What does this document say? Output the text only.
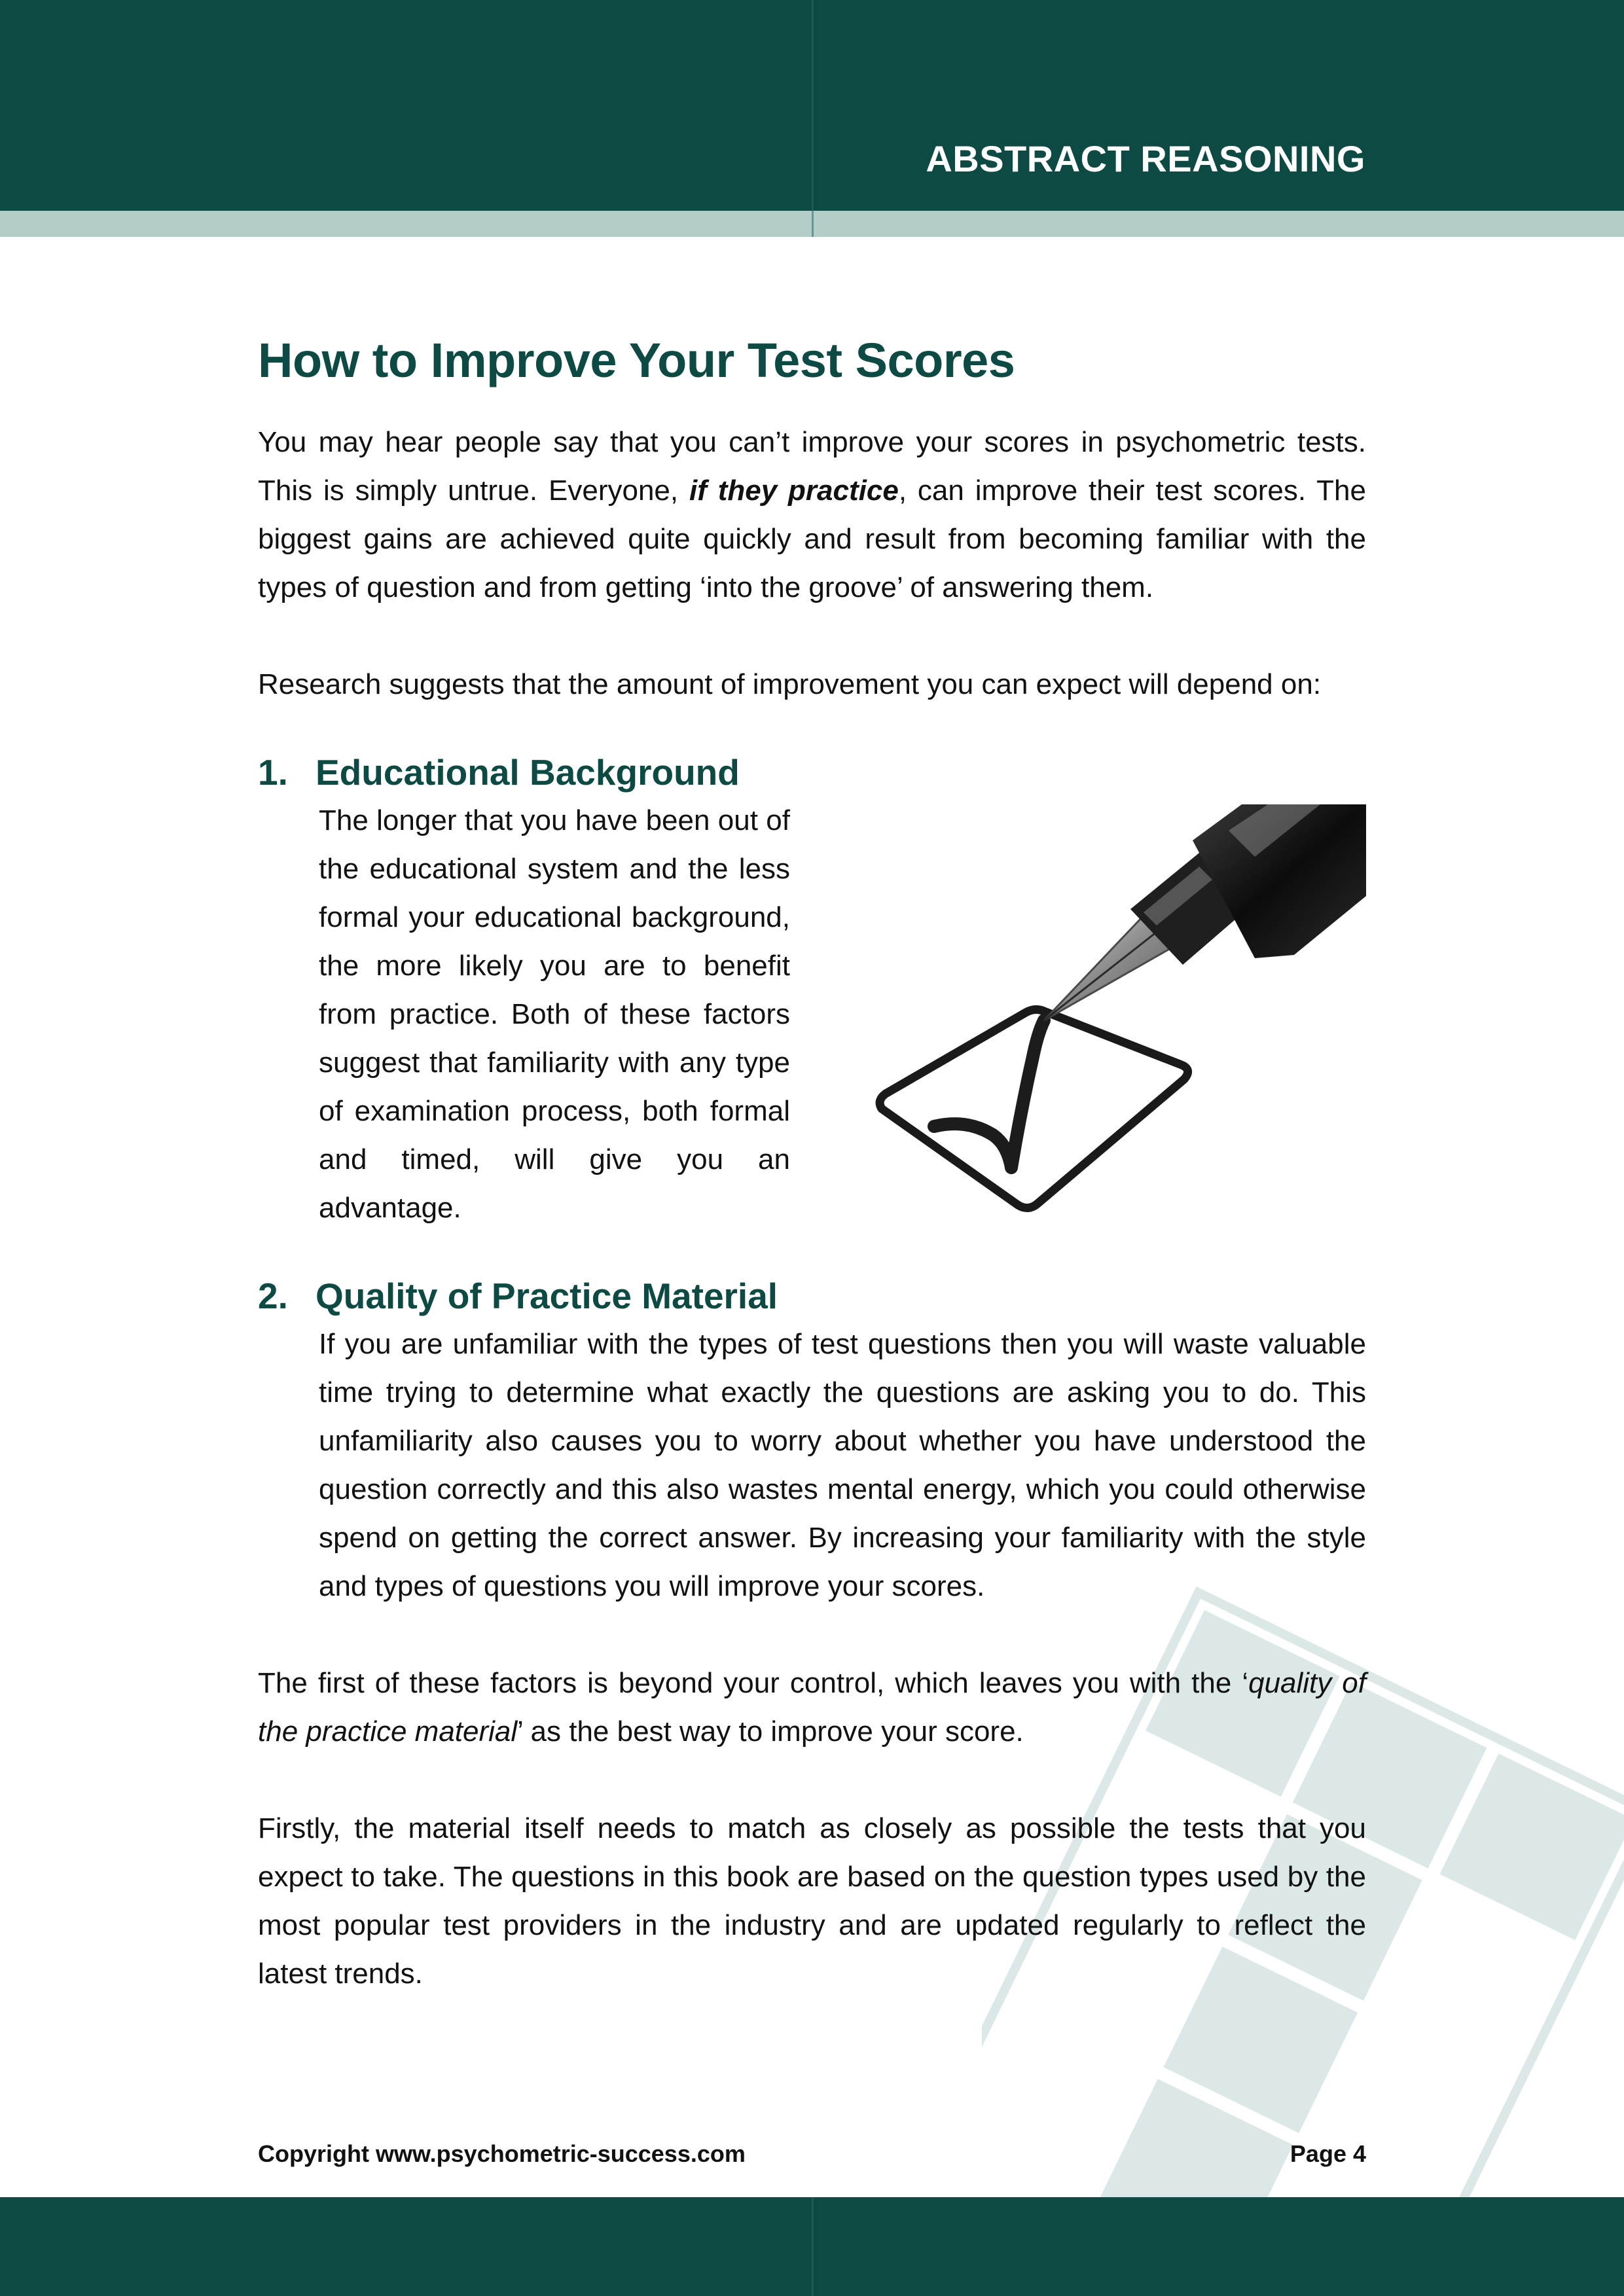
ABSTRACT REASONING
How to Improve Your Test Scores

You may hear people say that you can’t improve your scores in psychometric tests. This is simply untrue. Everyone, if they practice, can improve their test scores. The biggest gains are achieved quite quickly and result from becoming familiar with the types of question and from getting ‘into the groove’ of answering them.

Research suggests that the amount of improvement you can expect will depend on:

1. Educational Background

The longer that you have been out of the educational system and the less formal your educational background, the more likely you are to benefit from practice. Both of these factors suggest that familiarity with any type of examination process, both formal and timed, will give you an advantage.

2. Quality of Practice Material

If you are unfamiliar with the types of test questions then you will waste valuable time trying to determine what exactly the questions are asking you to do. This unfamiliarity also causes you to worry about whether you have understood the question correctly and this also wastes mental energy, which you could otherwise spend on getting the correct answer. By increasing your familiarity with the style and types of questions you will improve your scores.

The first of these factors is beyond your control, which leaves you with the ‘quality of the practice material’ as the best way to improve your score.

Firstly, the material itself needs to match as closely as possible the tests that you expect to take. The questions in this book are based on the question types used by the most popular test providers in the industry and are updated regularly to reflect the latest trends.

Copyright www.psychometric-success.com	Page 4
